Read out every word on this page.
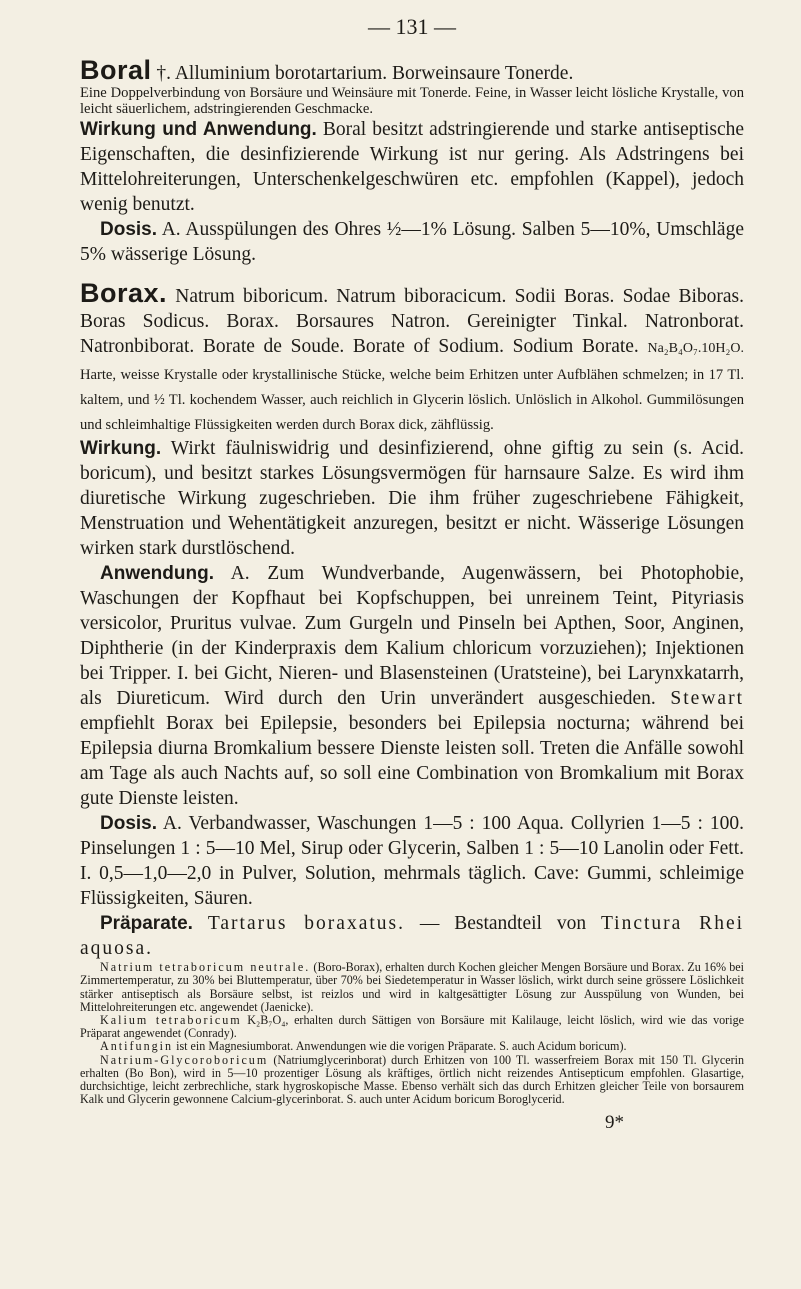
— 131 —

Boral †. Alluminium borotartarium. Borweinsaure Tonerde.

Eine Doppelverbindung von Borsäure und Weinsäure mit Tonerde. Feine, in Wasser leicht lösliche Krystalle, von leicht säuerlichem, adstringierenden Geschmacke.

Wirkung und Anwendung. Boral besitzt adstringierende und starke antiseptische Eigenschaften, die desinfizierende Wirkung ist nur gering. Als Adstringens bei Mittelohreiterungen, Unterschenkelgeschwüren etc. empfohlen (Kappel), jedoch wenig benutzt.

Dosis. A. Ausspülungen des Ohres ½—1% Lösung. Salben 5—10%, Umschläge 5% wässerige Lösung.

Borax. Natrum biboricum. Natrum biboracicum. Sodii Boras. Sodae Biboras. Boras Sodicus. Borax. Borsaures Natron. Gereinigter Tinkal. Natronborat. Natronbiborat. Borate de Soude. Borate of Sodium. Sodium Borate. Na₂B₄O₇.10H₂O. Harte, weisse Krystalle oder krystallinische Stücke, welche beim Erhitzen unter Aufblähen schmelzen; in 17 Tl. kaltem, und ½ Tl. kochendem Wasser, auch reichlich in Glycerin löslich. Unlöslich in Alkohol. Gummilösungen und schleimhaltige Flüssigkeiten werden durch Borax dick, zähflüssig.

Wirkung. Wirkt fäulniswidrig und desinfizierend, ohne giftig zu sein (s. Acid. boricum), und besitzt starkes Lösungsvermögen für harnsaure Salze. Es wird ihm diuretische Wirkung zugeschrieben. Die ihm früher zugeschriebene Fähigkeit, Menstruation und Wehentätigkeit anzuregen, besitzt er nicht. Wässerige Lösungen wirken stark durstlöschend.

Anwendung. A. Zum Wundverbande, Augenwässern, bei Photophobie, Waschungen der Kopfhaut bei Kopfschuppen, bei unreinem Teint, Pityriasis versicolor, Pruritus vulvae. Zum Gurgeln und Pinseln bei Apthen, Soor, Anginen, Diphtherie (in der Kinderpraxis dem Kalium chloricum vorzuziehen); Injektionen bei Tripper. I. bei Gicht, Nieren- und Blasensteinen (Uratsteine), bei Larynxkatarrh, als Diureticum. Wird durch den Urin unverändert ausgeschieden. Stewart empfiehlt Borax bei Epilepsie, besonders bei Epilepsia nocturna; während bei Epilepsia diurna Bromkalium bessere Dienste leisten soll. Treten die Anfälle sowohl am Tage als auch Nachts auf, so soll eine Combination von Bromkalium mit Borax gute Dienste leisten.

Dosis. A. Verbandwasser, Waschungen 1—5 : 100 Aqua. Collyrien 1—5 : 100. Pinselungen 1 : 5—10 Mel, Sirup oder Glycerin, Salben 1 : 5—10 Lanolin oder Fett. I. 0,5—1,0—2,0 in Pulver, Solution, mehrmals täglich. Cave: Gummi, schleimige Flüssigkeiten, Säuren.

Präparate. Tartarus boraxatus. — Bestandteil von Tinctura Rhei aquosa.

Natrium tetraboricum neutrale. (Boro-Borax), erhalten durch Kochen gleicher Mengen Borsäure und Borax. Zu 16% bei Zimmertemperatur, zu 30% bei Bluttemperatur, über 70% bei Siedetemperatur in Wasser löslich, wirkt durch seine grössere Löslichkeit stärker antiseptisch als Borsäure selbst, ist reizlos und wird in kaltgesättigter Lösung zur Ausspülung von Wunden, bei Mittelohreiterungen etc. angewendet (Jaenicke).

Kalium tetraboricum K₂B₇O₄, erhalten durch Sättigen von Borsäure mit Kalilauge, leicht löslich, wird wie das vorige Präparat angewendet (Conrady).

Antifungin ist ein Magnesiumborat. Anwendungen wie die vorigen Präparate. S. auch Acidum boricum).

Natrium-Glycoroboricum (Natriumglycerinborat) durch Erhitzen von 100 Tl. wasserfreiem Borax mit 150 Tl. Glycerin erhalten (Bo Bon), wird in 5—10 prozentiger Lösung als kräftiges, örtlich nicht reizendes Antisepticum empfohlen. Glasartige, durchsichtige, leicht zerbrechliche, stark hygroskopische Masse. Ebenso verhält sich das durch Erhitzen gleicher Teile von borsaurem Kalk und Glycerin gewonnene Calcium-glycerinborat. S. auch unter Acidum boricum Boroglycerid.

9*
